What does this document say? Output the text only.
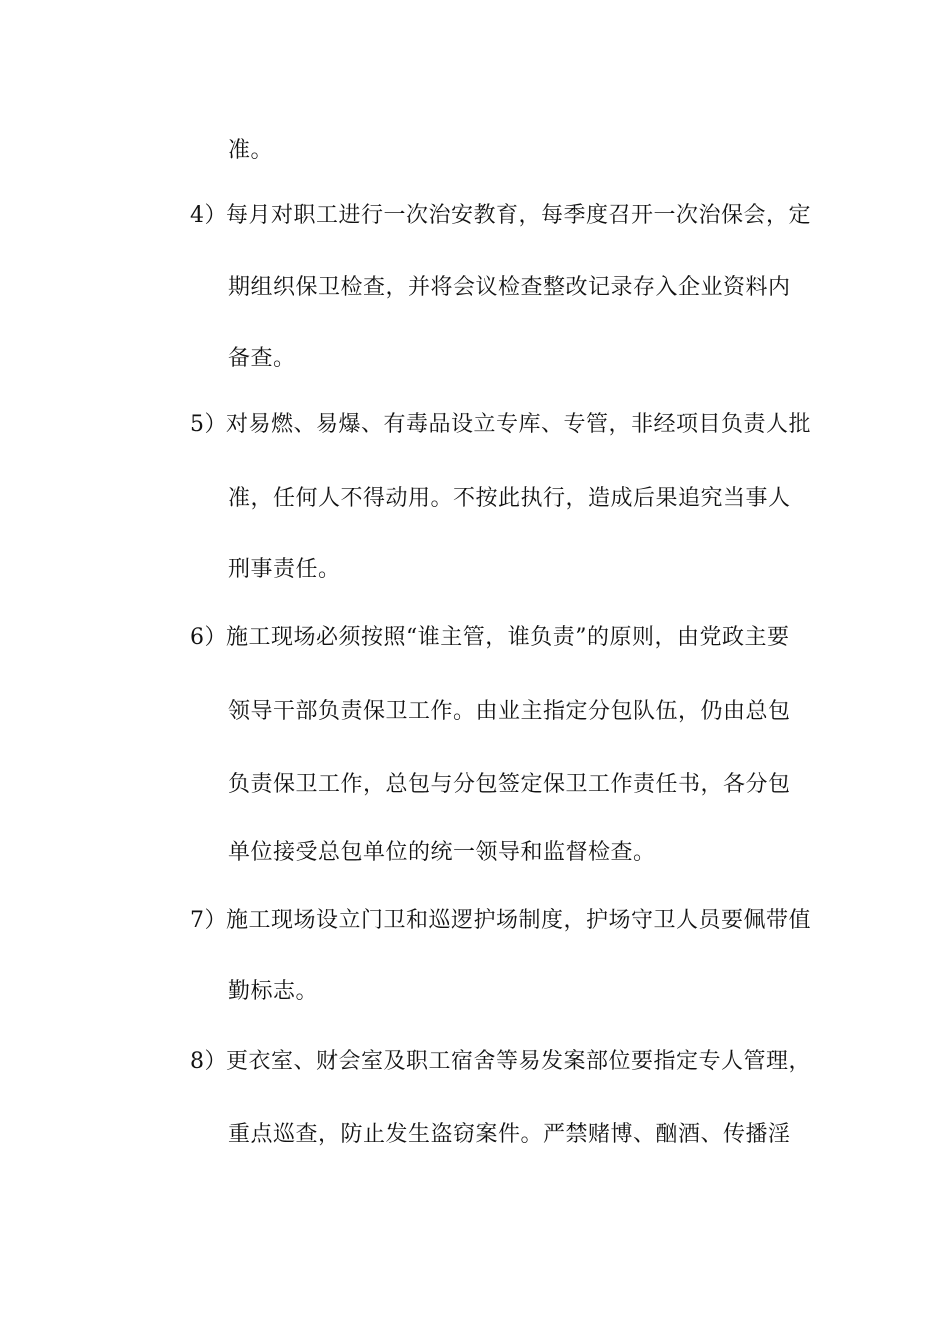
准。
4）每月对职工进行一次治安教育，每季度召开一次治保会，定
期组织保卫检查，并将会议检查整改记录存入企业资料内
备查。
5）对易燃、易爆、有毒品设立专库、专管，非经项目负责人批
准，任何人不得动用。不按此执行，造成后果追究当事人
刑事责任。
6）施工现场必须按照“谁主管，谁负责”的原则，由党政主要
领导干部负责保卫工作。由业主指定分包队伍，仍由总包
负责保卫工作，总包与分包签定保卫工作责任书，各分包
单位接受总包单位的统一领导和监督检查。
7）施工现场设立门卫和巡逻护场制度，护场守卫人员要佩带值
勤标志。
8）更衣室、财会室及职工宿舍等易发案部位要指定专人管理，
重点巡查，防止发生盗窃案件。严禁赌博、酗酒、传播淫
